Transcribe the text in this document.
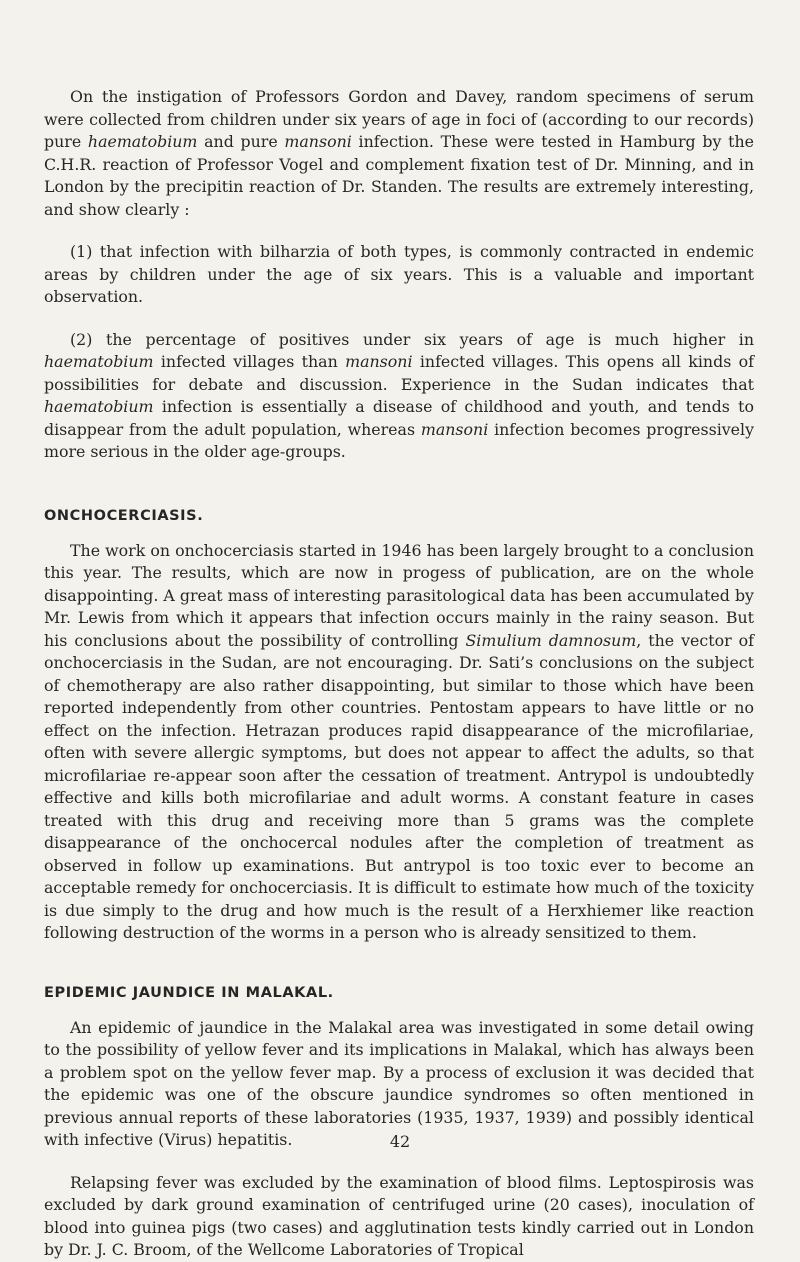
On the instigation of Professors Gordon and Davey, random specimens of serum were collected from children under six years of age in foci of (according to our records) pure haematobium and pure mansoni infection. These were tested in Hamburg by the C.H.R. reaction of Professor Vogel and complement fixation test of Dr. Minning, and in London by the precipitin reaction of Dr. Standen. The results are extremely interesting, and show clearly :

(1) that infection with bilharzia of both types, is commonly contracted in endemic areas by children under the age of six years. This is a valuable and important observation.

(2) the percentage of positives under six years of age is much higher in haematobium infected villages than mansoni infected villages. This opens all kinds of possibilities for debate and discussion. Experience in the Sudan indicates that haematobium infection is essentially a disease of childhood and youth, and tends to disappear from the adult population, whereas mansoni infection becomes progressively more serious in the older age-groups.

ONCHOCERCIASIS.

The work on onchocerciasis started in 1946 has been largely brought to a conclusion this year. The results, which are now in progess of publication, are on the whole disappointing. A great mass of interesting parasitological data has been accumulated by Mr. Lewis from which it appears that infection occurs mainly in the rainy season. But his conclusions about the possibility of controlling Simulium damnosum, the vector of onchocerciasis in the Sudan, are not encouraging. Dr. Sati’s conclusions on the subject of chemotherapy are also rather disappointing, but similar to those which have been reported independently from other countries. Pentostam appears to have little or no effect on the infection. Hetrazan produces rapid disappearance of the microfilariae, often with severe allergic symptoms, but does not appear to affect the adults, so that microfilariae re-appear soon after the cessation of treatment. Antrypol is undoubtedly effective and kills both microfilariae and adult worms. A constant feature in cases treated with this drug and receiving more than 5 grams was the complete disappearance of the onchocercal nodules after the completion of treatment as observed in follow up examinations. But antrypol is too toxic ever to become an acceptable remedy for onchocerciasis. It is difficult to estimate how much of the toxicity is due simply to the drug and how much is the result of a Herxhiemer like reaction following destruction of the worms in a person who is already sensitized to them.

EPIDEMIC JAUNDICE IN MALAKAL.

An epidemic of jaundice in the Malakal area was investigated in some detail owing to the possibility of yellow fever and its implications in Malakal, which has always been a problem spot on the yellow fever map. By a process of exclusion it was decided that the epidemic was one of the obscure jaundice syndromes so often mentioned in previous annual reports of these laboratories (1935, 1937, 1939) and possibly identical with infective (Virus) hepatitis.

Relapsing fever was excluded by the examination of blood films. Leptospirosis was excluded by dark ground examination of centrifuged urine (20 cases), inoculation of blood into guinea pigs (two cases) and agglutination tests kindly carried out in London by Dr. J. C. Broom, of the Wellcome Laboratories of Tropical

42
